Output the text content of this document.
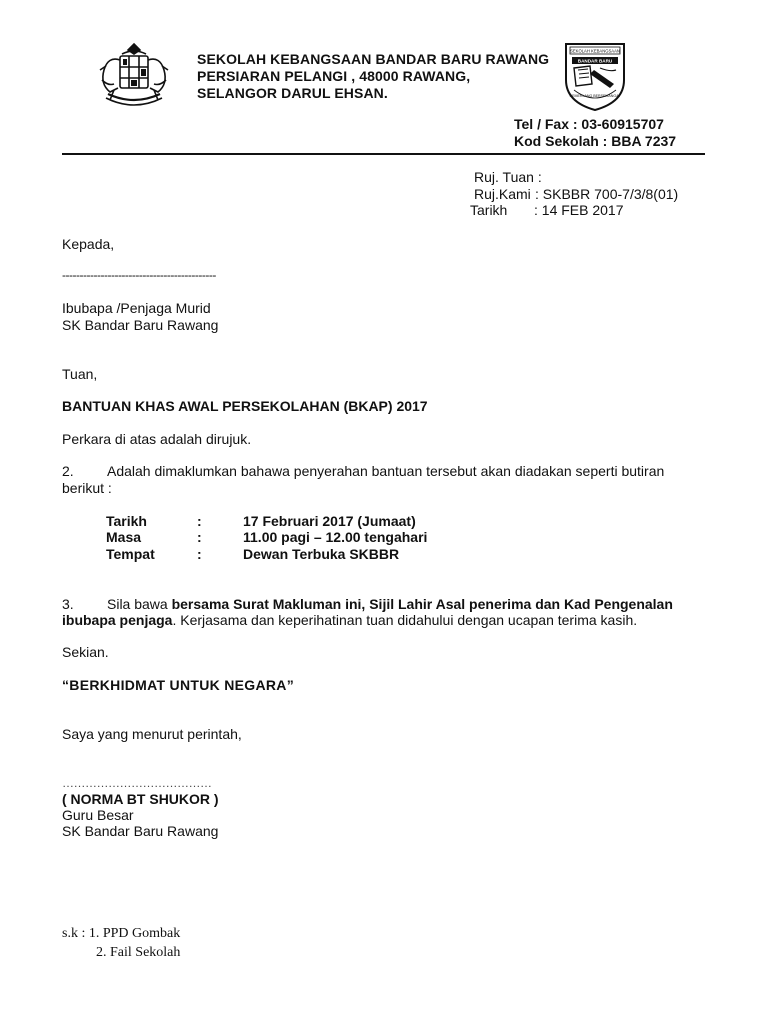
SEKOLAH KEBANGSAAN BANDAR BARU RAWANG
PERSIARAN PELANGI , 48000 RAWANG,
SELANGOR DARUL EHSAN.
SEKOLAH KEBANGSAAN
BANDAR BARU
CEMERLANG BERSEMANGAT
Tel / Fax : 03-60915707
Kod Sekolah : BBA 7237
Ruj. Tuan :
Ruj.Kami : SKBBR 700-7/3/8(01)
Tarikh : 14 FEB 2017
Kepada,
--------------------------------------------
Ibubapa /Penjaga Murid
SK Bandar Baru Rawang
Tuan,
BANTUAN KHAS AWAL PERSEKOLAHAN (BKAP) 2017
Perkara di atas adalah dirujuk.
2. Adalah dimaklumkan bahawa penyerahan bantuan tersebut akan diadakan seperti butiran
berikut :
Tarikh	:	17 Februari 2017 (Jumaat)
Masa	:	11.00 pagi – 12.00 tengahari
Tempat	:	Dewan Terbuka SKBBR
3. Sila bawa bersama Surat Makluman ini, Sijil Lahir Asal penerima dan Kad Pengenalan
ibubapa penjaga. Kerjasama dan keperihatinan tuan didahului dengan ucapan terima kasih.
Sekian.
“BERKHIDMAT UNTUK NEGARA”
Saya yang menurut perintah,
…………………………………
( NORMA BT SHUKOR )
Guru Besar
SK Bandar Baru Rawang
s.k : 1. PPD Gombak
2. Fail Sekolah
